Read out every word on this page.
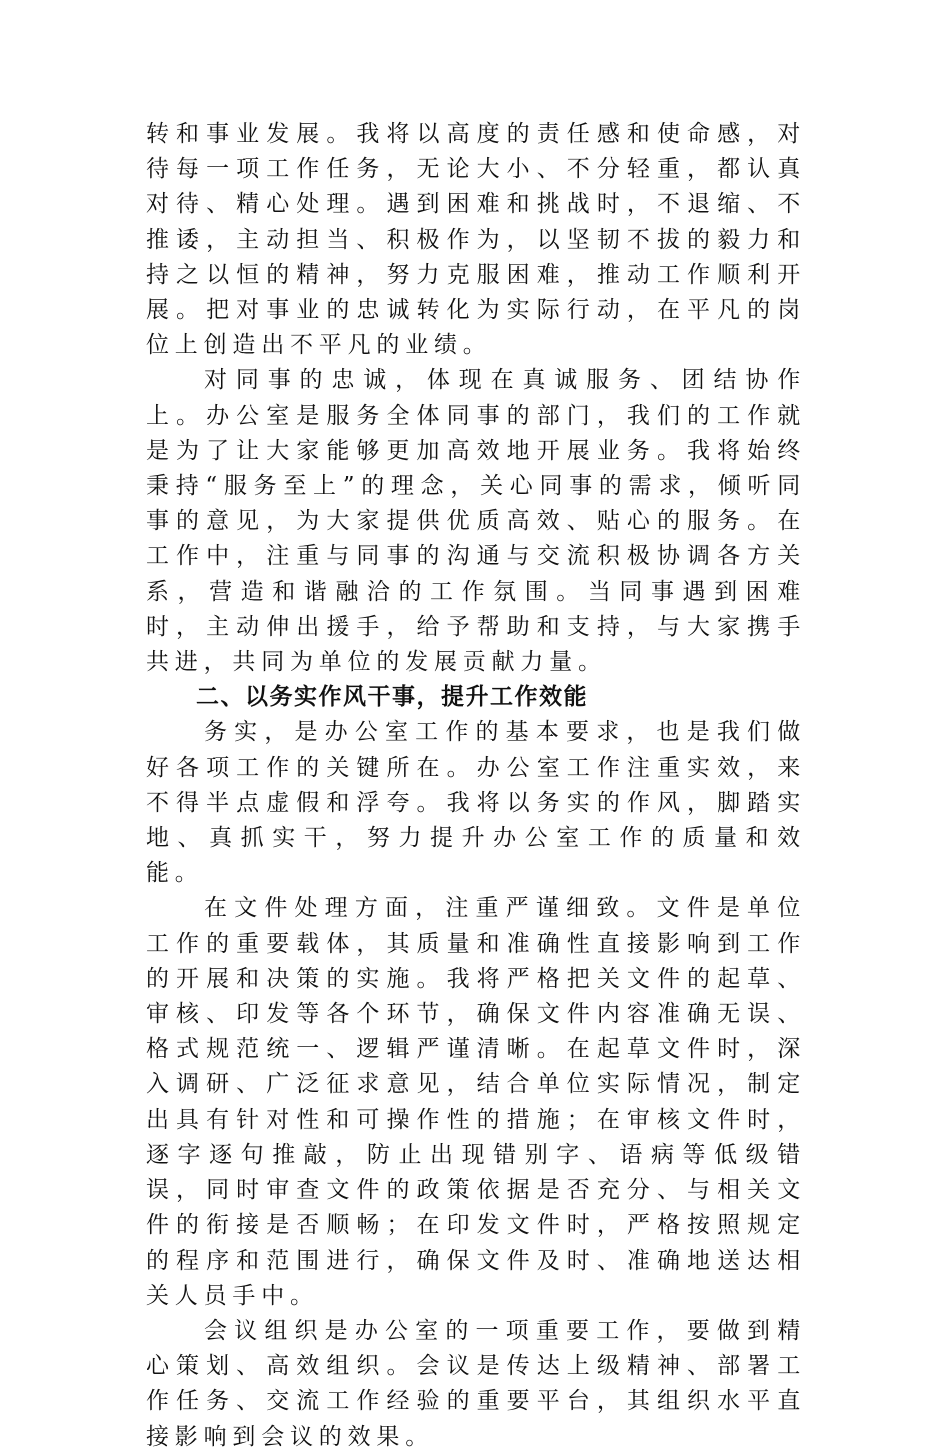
转和事业发展。我将以高度的责任感和使命感，对待每一项工作任务，无论大小、不分轻重，都认真对待、精心处理。遇到困难和挑战时，不退缩、不推诿，主动担当、积极作为，以坚韧不拔的毅力和持之以恒的精神，努力克服困难，推动工作顺利开展。把对事业的忠诚转化为实际行动，在平凡的岗位上创造出不平凡的业绩。

对同事的忠诚，体现在真诚服务、团结协作上。办公室是服务全体同事的部门，我们的工作就是为了让大家能够更加高效地开展业务。我将始终秉持“服务至上”的理念，关心同事的需求，倾听同事的意见，为大家提供优质高效、贴心的服务。在工作中，注重与同事的沟通与交流积极协调各方关系，营造和谐融洽的工作氛围。当同事遇到困难时，主动伸出援手，给予帮助和支持，与大家携手共进，共同为单位的发展贡献力量。

二、以务实作风干事，提升工作效能

务实，是办公室工作的基本要求，也是我们做好各项工作的关键所在。办公室工作注重实效，来不得半点虚假和浮夸。我将以务实的作风，脚踏实地、真抓实干，努力提升办公室工作的质量和效能。

在文件处理方面，注重严谨细致。文件是单位工作的重要载体，其质量和准确性直接影响到工作的开展和决策的实施。我将严格把关文件的起草、审核、印发等各个环节，确保文件内容准确无误、格式规范统一、逻辑严谨清晰。在起草文件时，深入调研、广泛征求意见，结合单位实际情况，制定出具有针对性和可操作性的措施；在审核文件时，逐字逐句推敲，防止出现错别字、语病等低级错误，同时审查文件的政策依据是否充分、与相关文件的衔接是否顺畅；在印发文件时，严格按照规定的程序和范围进行，确保文件及时、准确地送达相关人员手中。

会议组织是办公室的一项重要工作，要做到精心策划、高效组织。会议是传达上级精神、部署工作任务、交流工作经验的重要平台，其组织水平直接影响到会议的效果。
